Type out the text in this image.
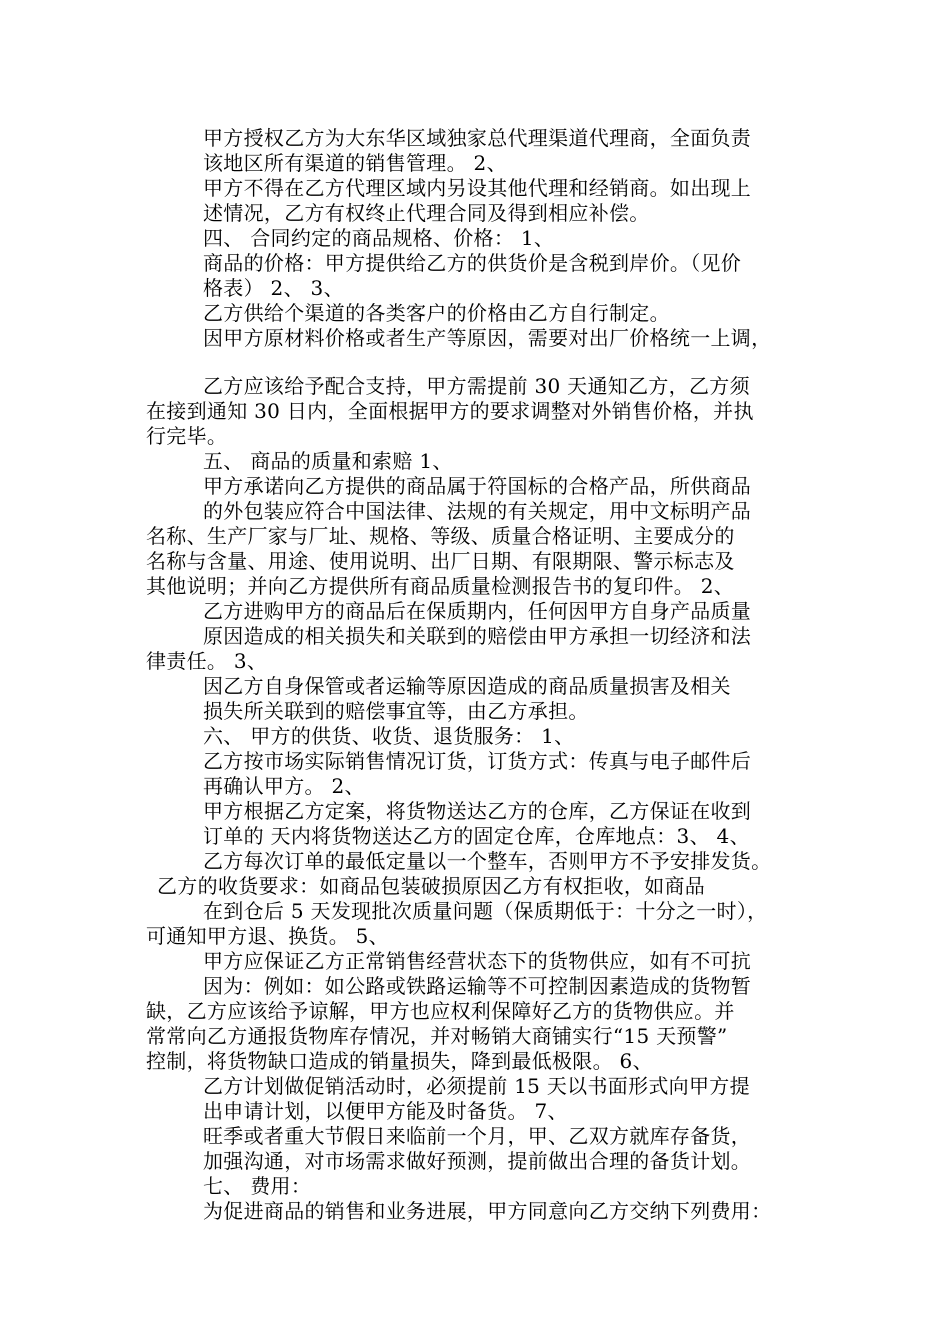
甲方授权乙方为大东华区域独家总代理渠道代理商，全面负责
该地区所有渠道的销售管理。 2、
甲方不得在乙方代理区域内另设其他代理和经销商。如出现上
述情况，乙方有权终止代理合同及得到相应补偿。
四、 合同约定的商品规格、价格： 1、
商品的价格：甲方提供给乙方的供货价是含税到岸价。（见价
格表） 2、 3、
乙方供给个渠道的各类客户的价格由乙方自行制定。
因甲方原材料价格或者生产等原因，需要对出厂价格统一上调，
乙方应该给予配合支持，甲方需提前 30 天通知乙方，乙方须
在接到通知 30 日内，全面根据甲方的要求调整对外销售价格，并执
行完毕。
五、 商品的质量和索赔 1、
甲方承诺向乙方提供的商品属于符国标的合格产品，所供商品
的外包装应符合中国法律、法规的有关规定，用中文标明产品
名称、生产厂家与厂址、规格、等级、质量合格证明、主要成分的
名称与含量、用途、使用说明、出厂日期、有限期限、警示标志及
其他说明；并向乙方提供所有商品质量检测报告书的复印件。 2、
乙方进购甲方的商品后在保质期内，任何因甲方自身产品质量
原因造成的相关损失和关联到的赔偿由甲方承担一切经济和法
律责任。 3、
因乙方自身保管或者运输等原因造成的商品质量损害及相关
损失所关联到的赔偿事宜等，由乙方承担。
六、 甲方的供货、收货、退货服务： 1、
乙方按市场实际销售情况订货，订货方式：传真与电子邮件后
再确认甲方。 2、
甲方根据乙方定案，将货物送达乙方的仓库，乙方保证在收到
订单的 天内将货物送达乙方的固定仓库，仓库地点：3、 4、
乙方每次订单的最低定量以一个整车，否则甲方不予安排发货。
乙方的收货要求：如商品包装破损原因乙方有权拒收，如商品
在到仓后 5 天发现批次质量问题（保质期低于：十分之一时），
可通知甲方退、换货。 5、
甲方应保证乙方正常销售经营状态下的货物供应，如有不可抗
因为：例如：如公路或铁路运输等不可控制因素造成的货物暂
缺，乙方应该给予谅解，甲方也应权利保障好乙方的货物供应。并
常常向乙方通报货物库存情况，并对畅销大商铺实行“15 天预警”
控制，将货物缺口造成的销量损失，降到最低极限。 6、
乙方计划做促销活动时，必须提前 15 天以书面形式向甲方提
出申请计划，以便甲方能及时备货。 7、
旺季或者重大节假日来临前一个月，甲、乙双方就库存备货，
加强沟通，对市场需求做好预测，提前做出合理的备货计划。
七、 费用：
为促进商品的销售和业务进展，甲方同意向乙方交纳下列费用：
